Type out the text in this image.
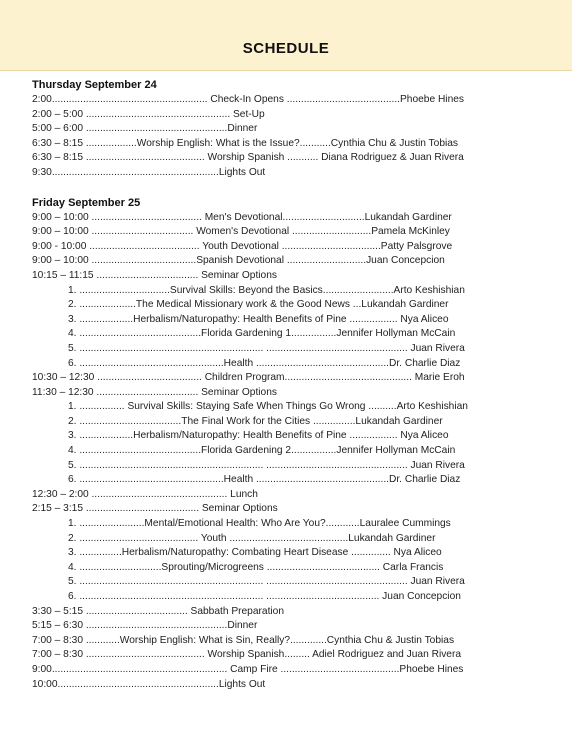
SCHEDULE
Thursday September 24
2:00....................................................... Check-In Opens ........................................Phoebe Hines
2:00 – 5:00 ................................................... Set-Up
5:00 – 6:00 ..................................................Dinner
6:30 – 8:15 ..................Worship English: What is the Issue?...........Cynthia Chu & Justin Tobias
6:30 – 8:15 .......................................... Worship Spanish ........... Diana Rodriguez & Juan Rivera
9:30...........................................................Lights Out
Friday September 25
9:00 – 10:00 ....................................... Men's Devotional.............................Lukandah Gardiner
9:00 – 10:00 .................................... Women's Devotional ............................Pamela McKinley
9:00 - 10:00 ....................................... Youth Devotional ...................................Patty Palsgrove
9:00 – 10:00 .....................................Spanish Devotional ............................Juan Concepcion
10:15 – 11:15 .................................... Seminar Options
1. ................................Survival Skills: Beyond the Basics.........................Arto Keshishian
2. ....................The Medical Missionary work & the Good News ...Lukandah Gardiner
3. ...................Herbalism/Naturopathy: Health Benefits of Pine ................. Nya Aliceo
4. ...........................................Florida Gardening 1................Jennifer Hollyman McCain
5. ................................................................. .................................................. Juan Rivera
6. ...................................................Health ...............................................Dr. Charlie Diaz
10:30 – 12:30 ..................................... Children Program............................................. Marie Eroh
11:30 – 12:30 .................................... Seminar Options
1. ................ Survival Skills: Staying Safe When Things Go Wrong ..........Arto Keshishian
2. ....................................The Final Work for the Cities ...............Lukandah Gardiner
3. ...................Herbalism/Naturopathy: Health Benefits of Pine ................. Nya Aliceo
4. ...........................................Florida Gardening 2................Jennifer Hollyman McCain
5. ................................................................. .................................................. Juan Rivera
6. ...................................................Health ...............................................Dr. Charlie Diaz
12:30 – 2:00 ................................................ Lunch
2:15 – 3:15 ........................................ Seminar Options
1. .......................Mental/Emotional Health: Who Are You?............Lauralee Cummings
2. .......................................... Youth ..........................................Lukandah Gardiner
3. ...............Herbalism/Naturopathy: Combating Heart Disease .............. Nya Aliceo
4. .............................Sprouting/Microgreens ........................................ Carla Francis
5. ................................................................. .................................................. Juan Rivera
6. ................................................................. ........................................ Juan Concepcion
3:30 – 5:15 .................................... Sabbath Preparation
5:15 – 6:30 ..................................................Dinner
7:00 – 8:30 ............Worship English: What is Sin, Really?.............Cynthia Chu & Justin Tobias
7:00 – 8:30 .......................................... Worship Spanish......... Adiel Rodriguez and Juan Rivera
9:00.............................................................. Camp Fire ..........................................Phoebe Hines
10:00.........................................................Lights Out
